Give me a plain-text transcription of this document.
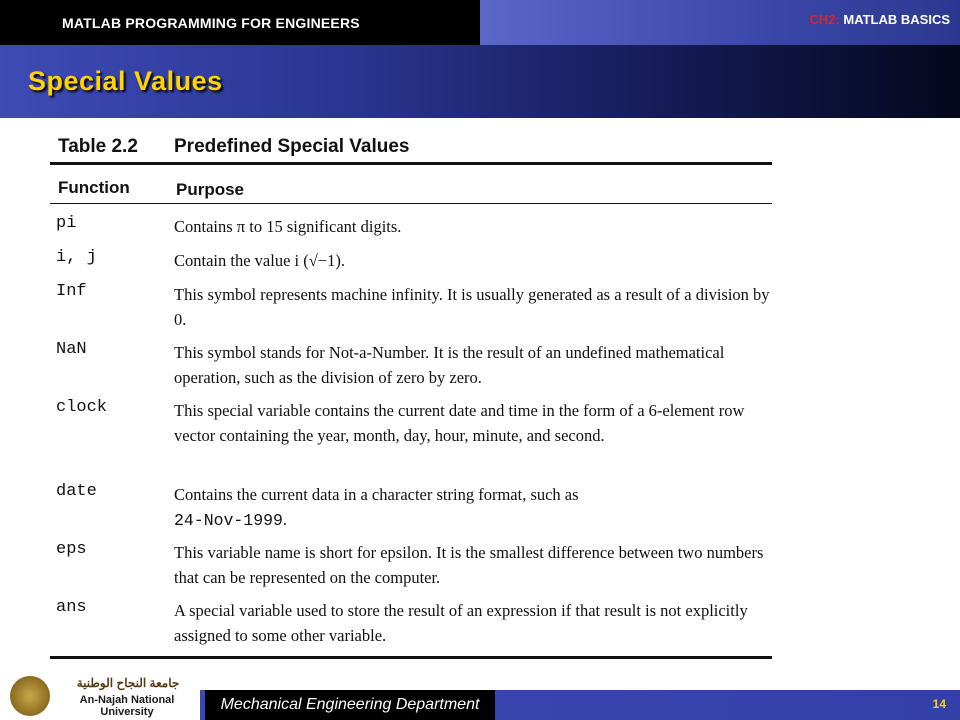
MATLAB PROGRAMMING FOR ENGINEERS	CH2: MATLAB BASICS
Special Values
Table 2.2 Predefined Special Values
Function	Purpose
pi	Contains π to 15 significant digits.
i, j	Contain the value i (√−1).
Inf	This symbol represents machine infinity. It is usually generated as a result of a division by 0.
NaN	This symbol stands for Not-a-Number. It is the result of an undefined mathematical operation, such as the division of zero by zero.
clock	This special variable contains the current date and time in the form of a 6-element row vector containing the year, month, day, hour, minute, and second.
date	Contains the current data in a character string format, such as
24-Nov-1999.
eps	This variable name is short for epsilon. It is the smallest difference between two numbers that can be represented on the computer.
ans	A special variable used to store the result of an expression if that result is not explicitly assigned to some other variable.
جامعة النجاح الوطنية
An-Najah National University	Mechanical Engineering Department	14
